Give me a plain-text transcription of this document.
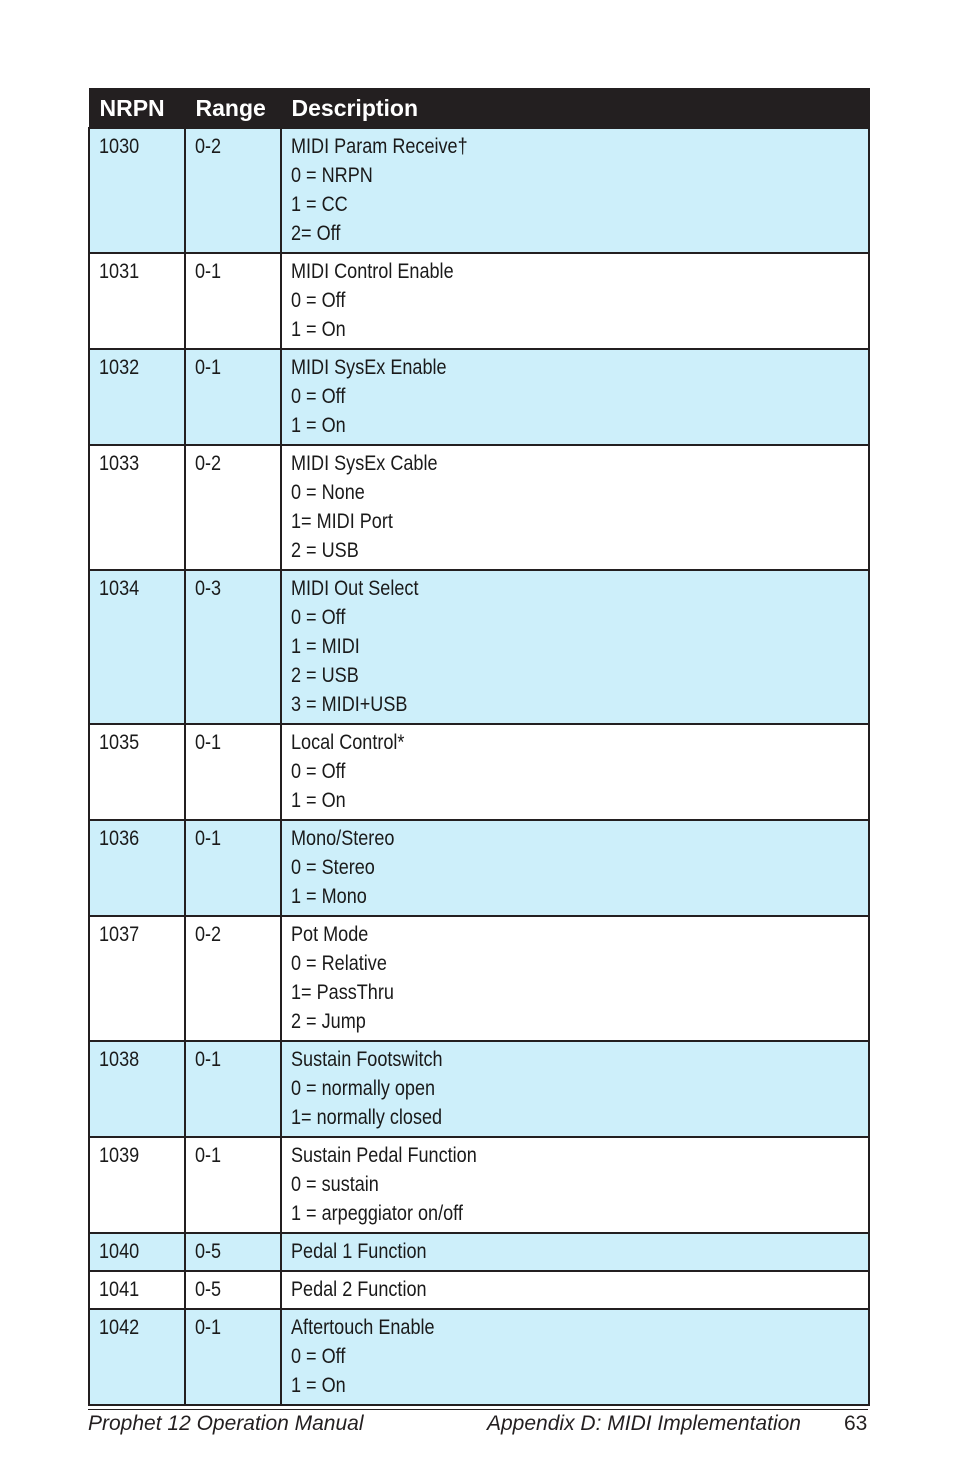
NRPN	Range	Description
1030	0-2	MIDI Param Receive†
0 = NRPN
1 = CC
2= Off

1031	0-1	MIDI Control Enable
0 = Off
1 = On

1032	0-1	MIDI SysEx Enable
0 = Off
1 = On

1033	0-2	MIDI SysEx Cable
0 = None
1= MIDI Port
2 = USB

1034	0-3	MIDI Out Select
0 = Off
1 = MIDI
2 = USB
3 = MIDI+USB

1035	0-1	Local Control*
0 = Off
1 = On

1036	0-1	Mono/Stereo
0 = Stereo
1 = Mono

1037	0-2	Pot Mode
0 = Relative
1= PassThru
2 = Jump

1038	0-1	Sustain Footswitch
0 = normally open
1= normally closed

1039	0-1	Sustain Pedal Function
0 = sustain
1 = arpeggiator on/off

1040	0-5	Pedal 1 Function

1041	0-5	Pedal 2 Function

1042	0-1	Aftertouch Enable
0 = Off
1 = On
Prophet 12 Operation Manual	Appendix D: MIDI Implementation 63
